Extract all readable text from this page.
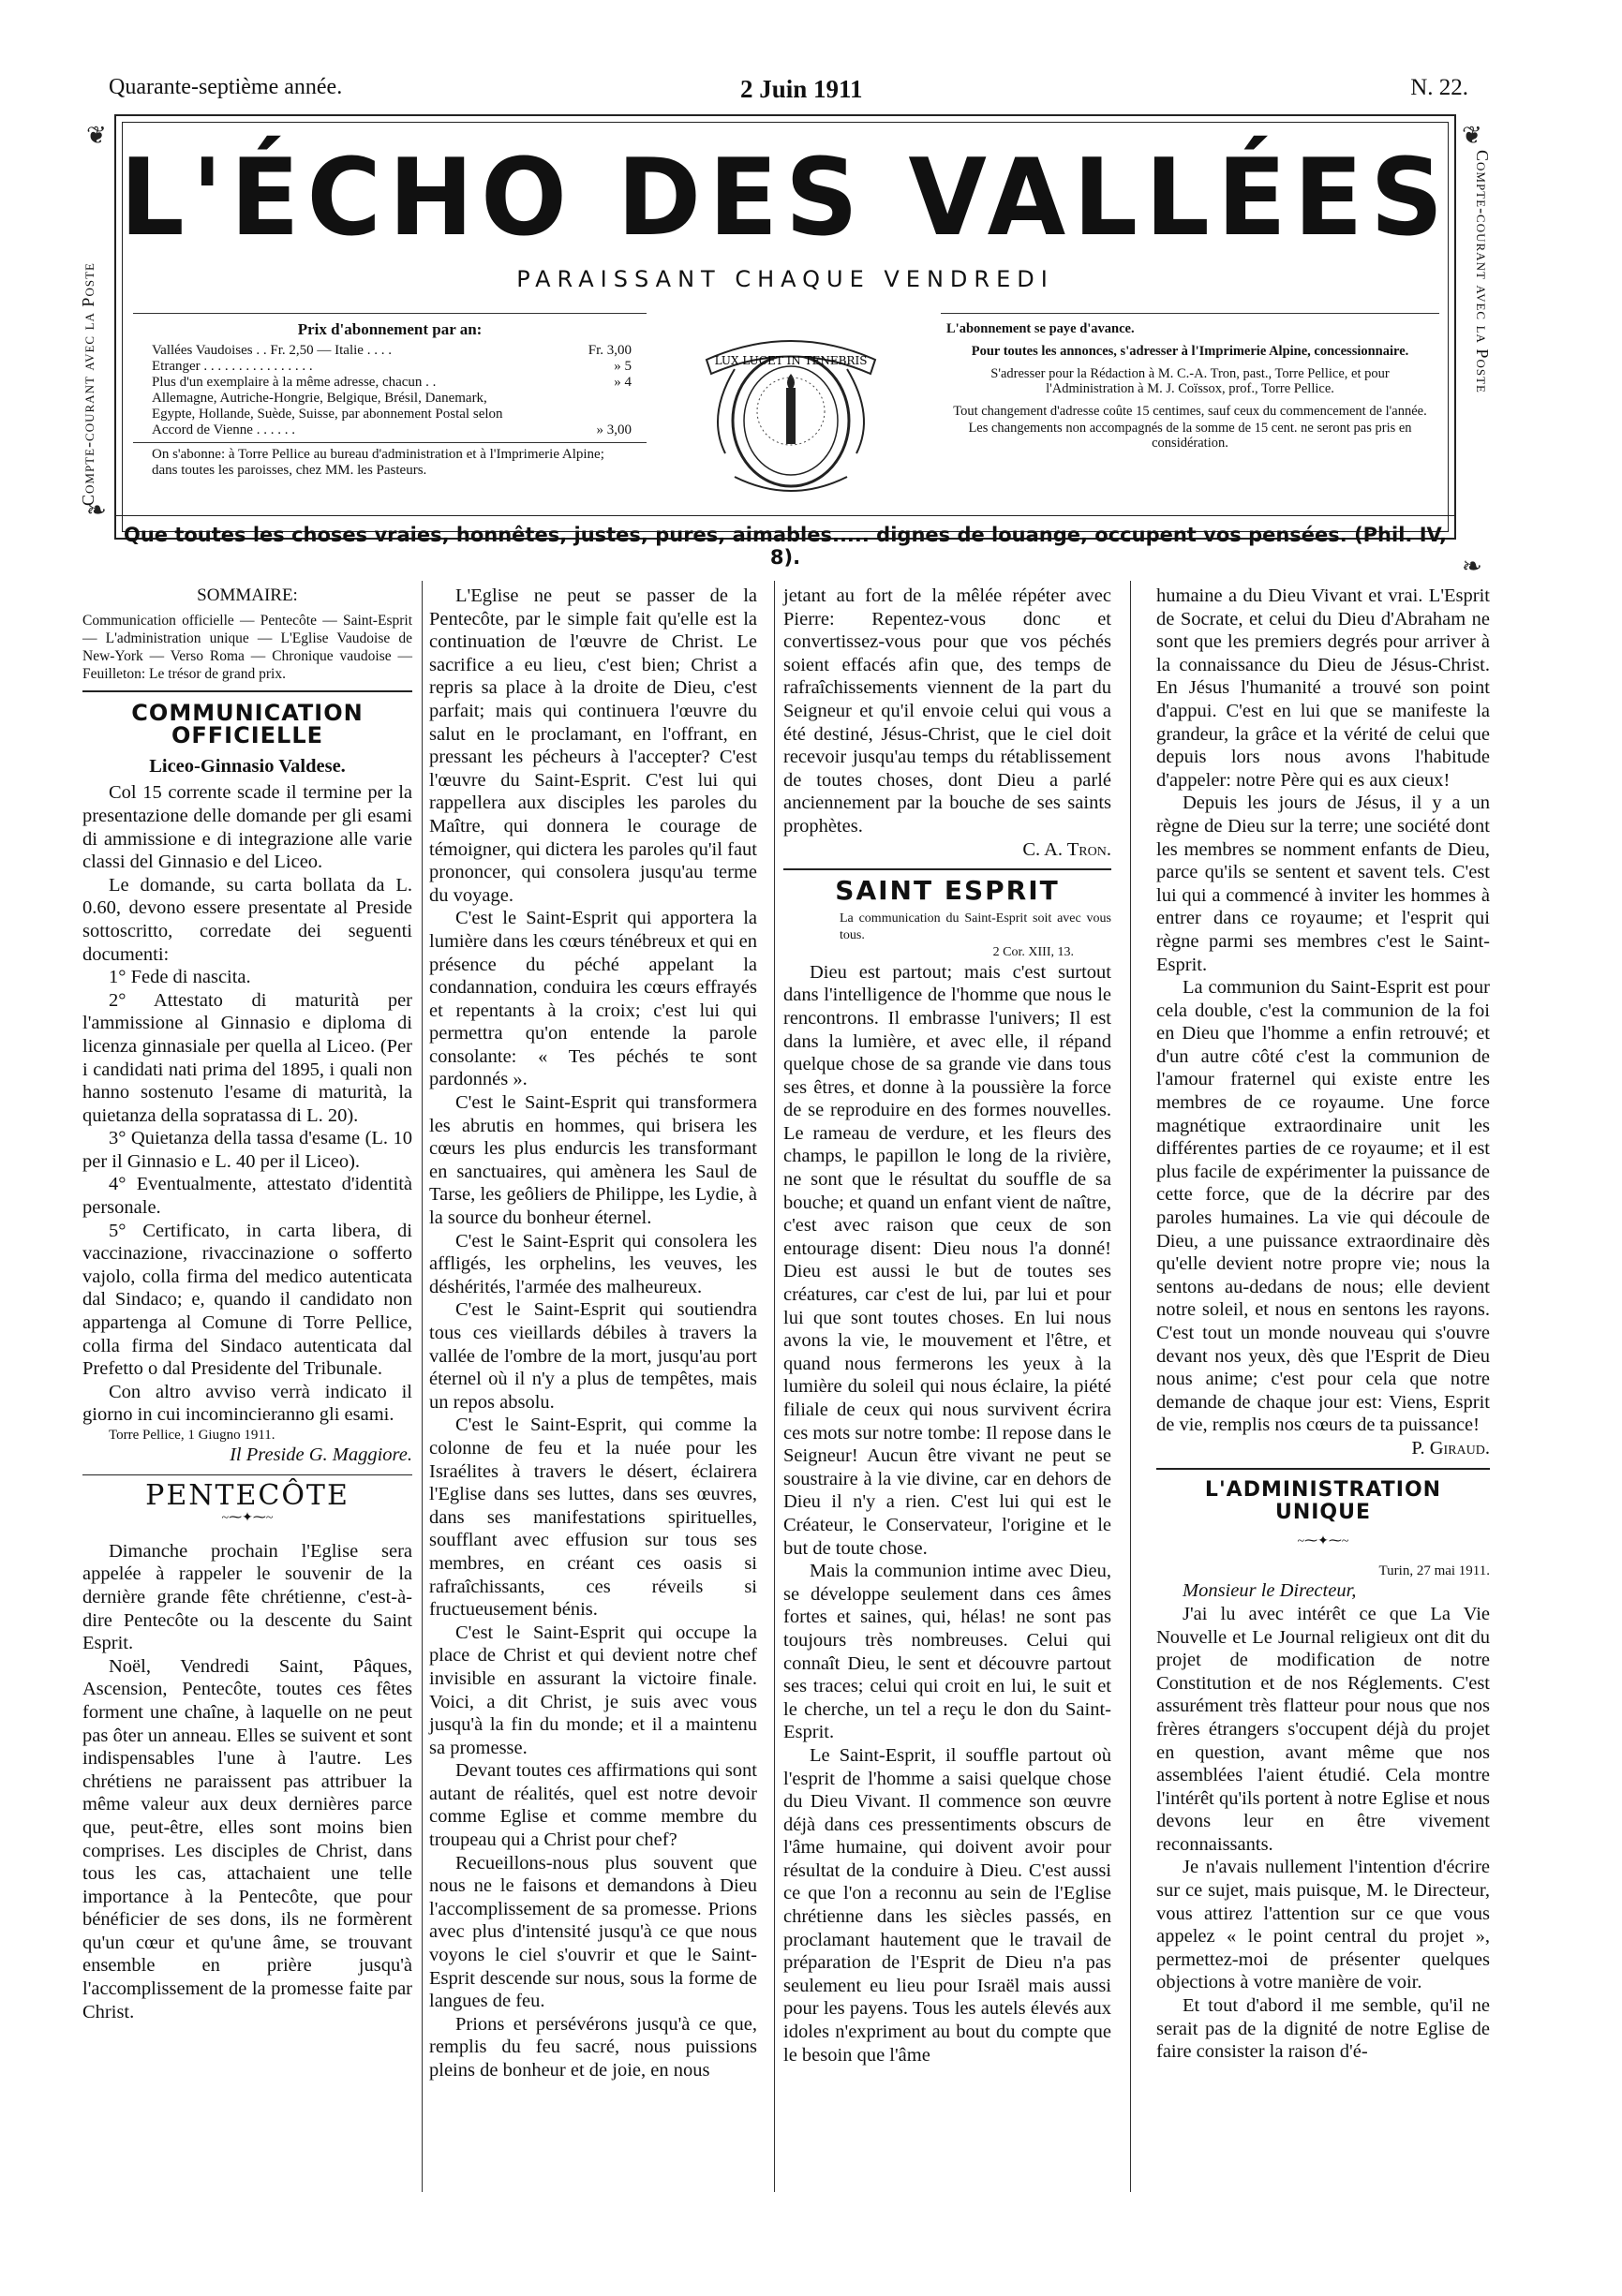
Quarante-septième année.	2 Juin 1911	N. 22.
Compte-courant avec la Poste	Compte-courant avec la Poste
❦
❧
❦
❧
L'ÉCHO DES VALLÉES
PARAISSANT CHAQUE VENDREDI
Prix d'abonnement par an:
Vallées Vaudoises . . Fr. 2,50 — Italie . . . .	Fr. 3,00
Etranger . . . . . . . . . . . . . . . .	» 5
Plus d'un exemplaire à la même adresse, chacun . .	» 4
Allemagne, Autriche-Hongrie, Belgique, Brésil, Danemark, Egypte, Hollande, Suède, Suisse, par abonnement Postal selon Accord de Vienne . . . . . .	» 3,00
On s'abonne: à Torre Pellice au bureau d'administration et à l'Imprimerie Alpine; dans toutes les paroisses, chez MM. les Pasteurs.
LUX LUCET IN TENEBRIS

L'abonnement se paye d'avance.

Pour toutes les annonces, s'adresser à l'Imprimerie Alpine, concessionnaire.

S'adresser pour la Rédaction à M. C.-A. Tron, past., Torre Pellice, et pour l'Administration à M. J. Coïssox, prof., Torre Pellice.

Tout changement d'adresse coûte 15 centimes, sauf ceux du commencement de l'année.

Les changements non accompagnés de la somme de 15 cent. ne seront pas pris en considération.

Que toutes les choses vraies, honnêtes, justes, pures, aimables..... dignes de louange, occupent vos pensées. (Phil. IV, 8).
SOMMAIRE:
Communication officielle — Pentecôte — Saint-Esprit — L'administration unique — L'Eglise Vaudoise de New-York — Verso Roma — Chronique vaudoise — Feuilleton: Le trésor de grand prix.
COMMUNICATION OFFICIELLE
Liceo-Ginnasio Valdese.

Col 15 corrente scade il termine per la presentazione delle domande per gli esami di ammissione e di integrazione alle varie classi del Ginnasio e del Liceo.

Le domande, su carta bollata da L. 0.60, devono essere presentate al Preside sottoscritto, corredate dei seguenti documenti:

1° Fede di nascita.

2° Attestato di maturità per l'ammissione al Ginnasio e diploma di licenza ginnasiale per quella al Liceo. (Per i candidati nati prima del 1895, i quali non hanno sostenuto l'esame di maturità, la quietanza della sopratassa di L. 20).

3° Quietanza della tassa d'esame (L. 10 per il Ginnasio e L. 40 per il Liceo).

4° Eventualmente, attestato d'identità personale.

5° Certificato, in carta libera, di vaccinazione, rivaccinazione o sofferto vajolo, colla firma del medico autenticata dal Sindaco; e, quando il candidato non appartenga al Comune di Torre Pellice, colla firma del Sindaco autenticata dal Prefetto o dal Presidente del Tribunale.

Con altro avviso verrà indicato il giorno in cui incomincieranno gli esami.

Torre Pellice, 1 Giugno 1911.
Il Preside G. Maggiore.
PENTECÔTE
~⁓✦⁓~

Dimanche prochain l'Eglise sera appelée à rappeler le souvenir de la dernière grande fête chrétienne, c'est-à-dire Pentecôte ou la descente du Saint Esprit.

Noël, Vendredi Saint, Pâques, Ascension, Pentecôte, toutes ces fêtes forment une chaîne, à laquelle on ne peut pas ôter un anneau. Elles se suivent et sont indispensables l'une à l'autre. Les chrétiens ne paraissent pas attribuer la même valeur aux deux dernières parce que, peut-être, elles sont moins bien comprises. Les disciples de Christ, dans tous les cas, attachaient une telle importance à la Pentecôte, que pour bénéficier de ses dons, ils ne formèrent qu'un cœur et qu'une âme, se trouvant ensemble en prière jusqu'à l'accomplissement de la promesse faite par Christ.

L'Eglise ne peut se passer de la Pentecôte, par le simple fait qu'elle est la continuation de l'œuvre de Christ. Le sacrifice a eu lieu, c'est bien; Christ a repris sa place à la droite de Dieu, c'est parfait; mais qui continuera l'œuvre du salut en le proclamant, en l'offrant, en pressant les pécheurs à l'accepter? C'est l'œuvre du Saint-Esprit. C'est lui qui rappellera aux disciples les paroles du Maître, qui donnera le courage de témoigner, qui dictera les paroles qu'il faut prononcer, qui consolera jusqu'au terme du voyage.

C'est le Saint-Esprit qui apportera la lumière dans les cœurs ténébreux et qui en présence du péché appelant la condannation, conduira les cœurs effrayés et repentants à la croix; c'est lui qui permettra qu'on entende la parole consolante: « Tes péchés te sont pardonnés ».

C'est le Saint-Esprit qui transformera les abrutis en hommes, qui brisera les cœurs les plus endurcis les transformant en sanctuaires, qui amènera les Saul de Tarse, les geôliers de Philippe, les Lydie, à la source du bonheur éternel.

C'est le Saint-Esprit qui consolera les affligés, les orphelins, les veuves, les déshérités, l'armée des malheureux.

C'est le Saint-Esprit qui soutiendra tous ces vieillards débiles à travers la vallée de l'ombre de la mort, jusqu'au port éternel où il n'y a plus de tempêtes, mais un repos absolu.

C'est le Saint-Esprit, qui comme la colonne de feu et la nuée pour les Israélites à travers le désert, éclairera l'Eglise dans ses luttes, dans ses œuvres, dans ses manifestations spirituelles, soufflant avec effusion sur tous ses membres, en créant ces oasis si rafraîchissants, ces réveils si fructueusement bénis.

C'est le Saint-Esprit qui occupe la place de Christ et qui devient notre chef invisible en assurant la victoire finale. Voici, a dit Christ, je suis avec vous jusqu'à la fin du monde; et il a maintenu sa promesse.

Devant toutes ces affirmations qui sont autant de réalités, quel est notre devoir comme Eglise et comme membre du troupeau qui a Christ pour chef?

Recueillons-nous plus souvent que nous ne le faisons et demandons à Dieu l'accomplissement de sa promesse. Prions avec plus d'intensité jusqu'à ce que nous voyons le ciel s'ouvrir et que le Saint-Esprit descende sur nous, sous la forme de langues de feu.

Prions et persévérons jusqu'à ce que, remplis du feu sacré, nous puissions pleins de bonheur et de joie, en nous

jetant au fort de la mêlée répéter avec Pierre: Repentez-vous donc et convertissez-vous pour que vos péchés soient effacés afin que, des temps de rafraîchissements viennent de la part du Seigneur et qu'il envoie celui qui vous a été destiné, Jésus-Christ, que le ciel doit recevoir jusqu'au temps du rétablissement de toutes choses, dont Dieu a parlé anciennement par la bouche de ses saints prophètes.

C. A. Tron.
SAINT ESPRIT
La communication du Saint-Esprit soit avec vous tous.
2 Cor. XIII, 13.

Dieu est partout; mais c'est surtout dans l'intelligence de l'homme que nous le rencontrons. Il embrasse l'univers; Il est dans la lumière, et avec elle, il répand quelque chose de sa grande vie dans tous ses êtres, et donne à la poussière la force de se reproduire en des formes nouvelles. Le rameau de verdure, et les fleurs des champs, le papillon le long de la rivière, ne sont que le résultat du souffle de sa bouche; et quand un enfant vient de naître, c'est avec raison que ceux de son entourage disent: Dieu nous l'a donné! Dieu est aussi le but de toutes ses créatures, car c'est de lui, par lui et pour lui que sont toutes choses. En lui nous avons la vie, le mouvement et l'être, et quand nous fermerons les yeux à la lumière du soleil qui nous éclaire, la piété filiale de ceux qui nous survivent écrira ces mots sur notre tombe: Il repose dans le Seigneur! Aucun être vivant ne peut se soustraire à la vie divine, car en dehors de Dieu il n'y a rien. C'est lui qui est le Créateur, le Conservateur, l'origine et le but de toute chose.

Mais la communion intime avec Dieu, se développe seulement dans ces âmes fortes et saines, qui, hélas! ne sont pas toujours très nombreuses. Celui qui connaît Dieu, le sent et découvre partout ses traces; celui qui croit en lui, le suit et le cherche, un tel a reçu le don du Saint-Esprit.

Le Saint-Esprit, il souffle partout où l'esprit de l'homme a saisi quelque chose du Dieu Vivant. Il commence son œuvre déjà dans ces pressentiments obscurs de l'âme humaine, qui doivent avoir pour résultat de la conduire à Dieu. C'est aussi ce que l'on a reconnu au sein de l'Eglise chrétienne dans les siècles passés, en proclamant hautement que le travail de préparation de l'Esprit de Dieu n'a pas seulement eu lieu pour Israël mais aussi pour les payens. Tous les autels élevés aux idoles n'expriment au bout du compte que le besoin que l'âme

humaine a du Dieu Vivant et vrai. L'Esprit de Socrate, et celui du Dieu d'Abraham ne sont que les premiers degrés pour arriver à la connaissance du Dieu de Jésus-Christ. En Jésus l'humanité a trouvé son point d'appui. C'est en lui que se manifeste la grandeur, la grâce et la vérité de celui que depuis lors nous avons l'habitude d'appeler: notre Père qui es aux cieux!

Depuis les jours de Jésus, il y a un règne de Dieu sur la terre; une société dont les membres se nomment enfants de Dieu, parce qu'ils se sentent et savent tels. C'est lui qui a commencé à inviter les hommes à entrer dans ce royaume; et l'esprit qui règne parmi ses membres c'est le Saint-Esprit.

La communion du Saint-Esprit est pour cela double, c'est la communion de la foi en Dieu que l'homme a enfin retrouvé; et d'un autre côté c'est la communion de l'amour fraternel qui existe entre les membres de ce royaume. Une force magnétique extraordinaire unit les différentes parties de ce royaume; et il est plus facile de expérimenter la puissance de cette force, que de la décrire par des paroles humaines. La vie qui découle de Dieu, a une puissance extraordinaire dès qu'elle devient notre propre vie; nous la sentons au-dedans de nous; elle devient notre soleil, et nous en sentons les rayons. C'est tout un monde nouveau qui s'ouvre devant nos yeux, dès que l'Esprit de Dieu nous anime; c'est pour cela que notre demande de chaque jour est: Viens, Esprit de vie, remplis nos cœurs de ta puissance!

P. Giraud.
L'ADMINISTRATION UNIQUE
~⁓✦⁓~
Turin, 27 mai 1911.
Monsieur le Directeur,

J'ai lu avec intérêt ce que La Vie Nouvelle et Le Journal religieux ont dit du projet de modification de notre Constitution et de nos Réglements. C'est assurément très flatteur pour nous que nos frères étrangers s'occupent déjà du projet en question, avant même que nos assemblées l'aient étudié. Cela montre l'intérêt qu'ils portent à notre Eglise et nous devons leur en être vivement reconnaissants.

Je n'avais nullement l'intention d'écrire sur ce sujet, mais puisque, M. le Directeur, vous attirez l'attention sur ce que vous appelez « le point central du projet », permettez-moi de présenter quelques objections à votre manière de voir.

Et tout d'abord il me semble, qu'il ne serait pas de la dignité de notre Eglise de faire consister la raison d'é-
